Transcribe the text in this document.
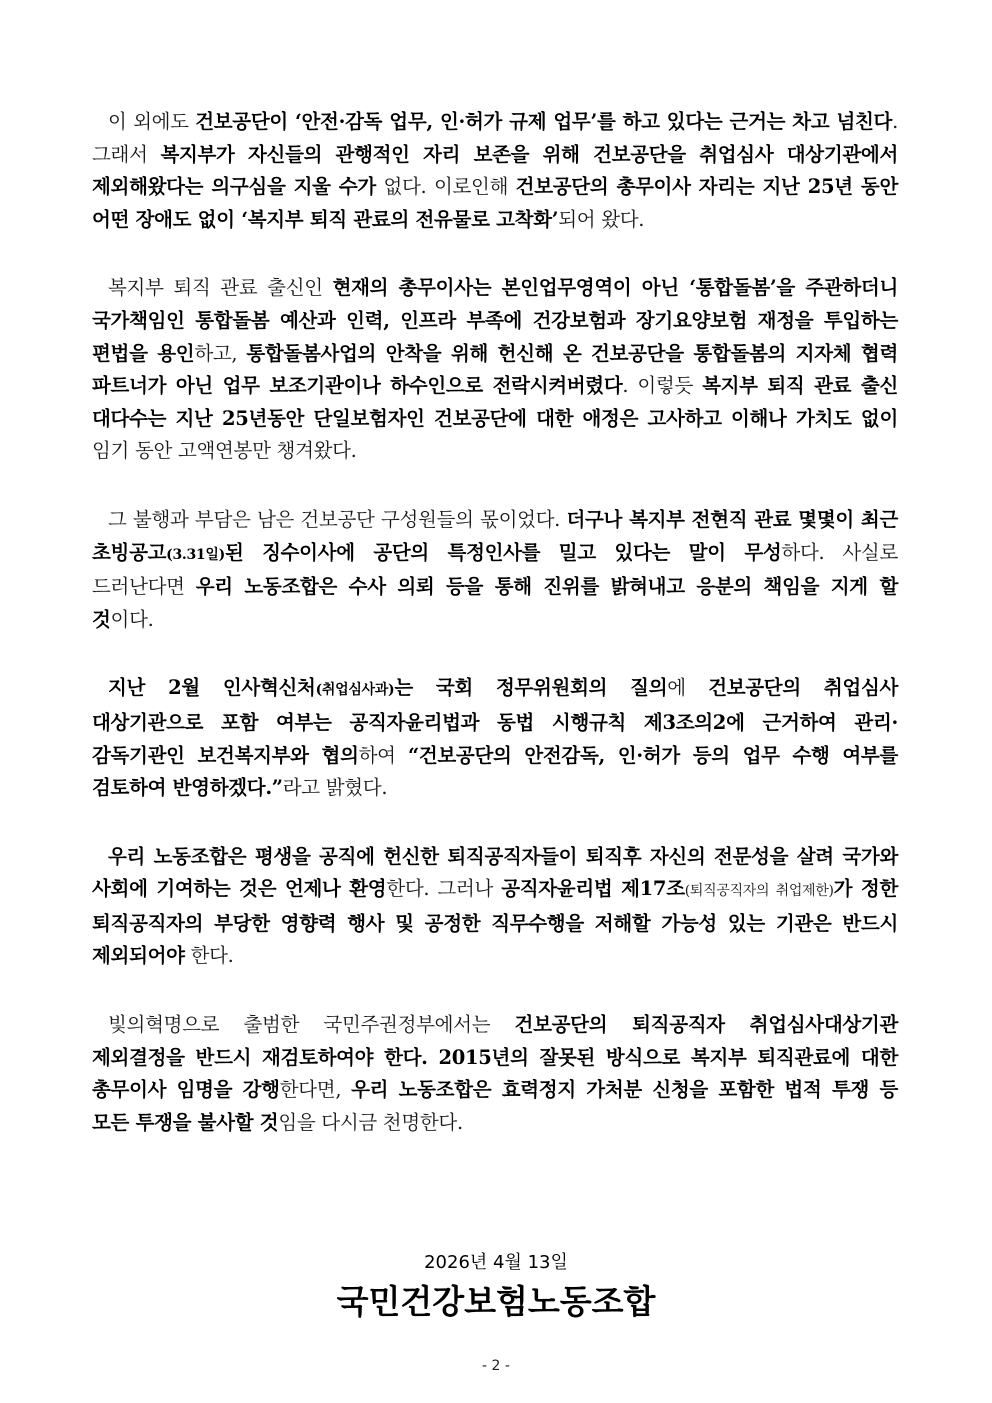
이 외에도 건보공단이 ‘안전·감독 업무, 인·허가 규제 업무’를 하고 있다는 근거는 차고 넘친다. 그래서 복지부가 자신들의 관행적인 자리 보존을 위해 건보공단을 취업심사 대상기관에서 제외해왔다는 의구심을 지울 수가 없다. 이로인해 건보공단의 총무이사 자리는 지난 25년 동안 어떤 장애도 없이 ‘복지부 퇴직 관료의 전유물로 고착화’되어 왔다.

복지부 퇴직 관료 출신인 현재의 총무이사는 본인업무영역이 아닌 ‘통합돌봄’을 주관하더니 국가책임인 통합돌봄 예산과 인력, 인프라 부족에 건강보험과 장기요양보험 재정을 투입하는 편법을 용인하고, 통합돌봄사업의 안착을 위해 헌신해 온 건보공단을 통합돌봄의 지자체 협력 파트너가 아닌 업무 보조기관이나 하수인으로 전락시켜버렸다. 이렇듯 복지부 퇴직 관료 출신 대다수는 지난 25년동안 단일보험자인 건보공단에 대한 애정은 고사하고 이해나 가치도 없이 임기 동안 고액연봉만 챙겨왔다.

그 불행과 부담은 남은 건보공단 구성원들의 몫이었다. 더구나 복지부 전현직 관료 몇몇이 최근 초빙공고(3.31일)된 징수이사에 공단의 특정인사를 밀고 있다는 말이 무성하다. 사실로 드러난다면 우리 노동조합은 수사 의뢰 등을 통해 진위를 밝혀내고 응분의 책임을 지게 할 것이다.

지난 2월 인사혁신처(취업심사과)는 국회 정무위원회의 질의에 건보공단의 취업심사 대상기관으로 포함 여부는 공직자윤리법과 동법 시행규칙 제3조의2에 근거하여 관리·감독기관인 보건복지부와 협의하여 “건보공단의 안전감독, 인·허가 등의 업무 수행 여부를 검토하여 반영하겠다.”라고 밝혔다.

우리 노동조합은 평생을 공직에 헌신한 퇴직공직자들이 퇴직후 자신의 전문성을 살려 국가와 사회에 기여하는 것은 언제나 환영한다. 그러나 공직자윤리법 제17조(퇴직공직자의 취업제한)가 정한 퇴직공직자의 부당한 영향력 행사 및 공정한 직무수행을 저해할 가능성 있는 기관은 반드시 제외되어야 한다.

빛의혁명으로 출범한 국민주권정부에서는 건보공단의 퇴직공직자 취업심사대상기관 제외결정을 반드시 재검토하여야 한다. 2015년의 잘못된 방식으로 복지부 퇴직관료에 대한 총무이사 임명을 강행한다면, 우리 노동조합은 효력정지 가처분 신청을 포함한 법적 투쟁 등 모든 투쟁을 불사할 것임을 다시금 천명한다.

2026년 4월 13일
국민건강보험노동조합
- 2 -
